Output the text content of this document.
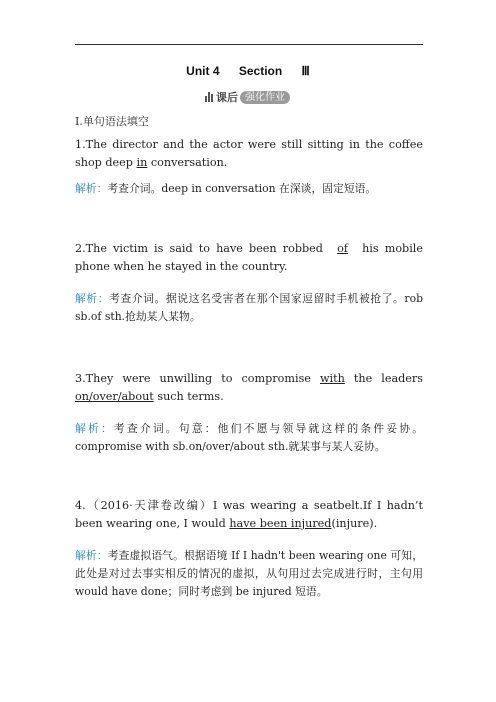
Unit 4 Section Ⅲ
课后 强化作业
Ⅰ.单句语法填空
1.The director and the actor were still sitting in the coffee shop deep in conversation.
解析：考查介词。deep in conversation 在深谈，固定短语。
2.The victim is said to have been robbed of his mobile phone when he stayed in the country.
解析：考查介词。据说这名受害者在那个国家逗留时手机被抢了。rob sb.of sth.抢劫某人某物。
3.They were unwilling to compromise with the leaders on/over/about such terms.
解析：考查介词。句意：他们不愿与领导就这样的条件妥协。compromise with sb.on/over/about sth.就某事与某人妥协。
4.（2016·天津卷改编）I was wearing a seatbelt.If I hadn’t been wearing one, I would have been injured(injure).
解析：考查虚拟语气。根据语境 If I hadn't been wearing one 可知，此处是对过去事实相反的情况的虚拟，从句用过去完成进行时，主句用 would have done；同时考虑到 be injured 短语。
